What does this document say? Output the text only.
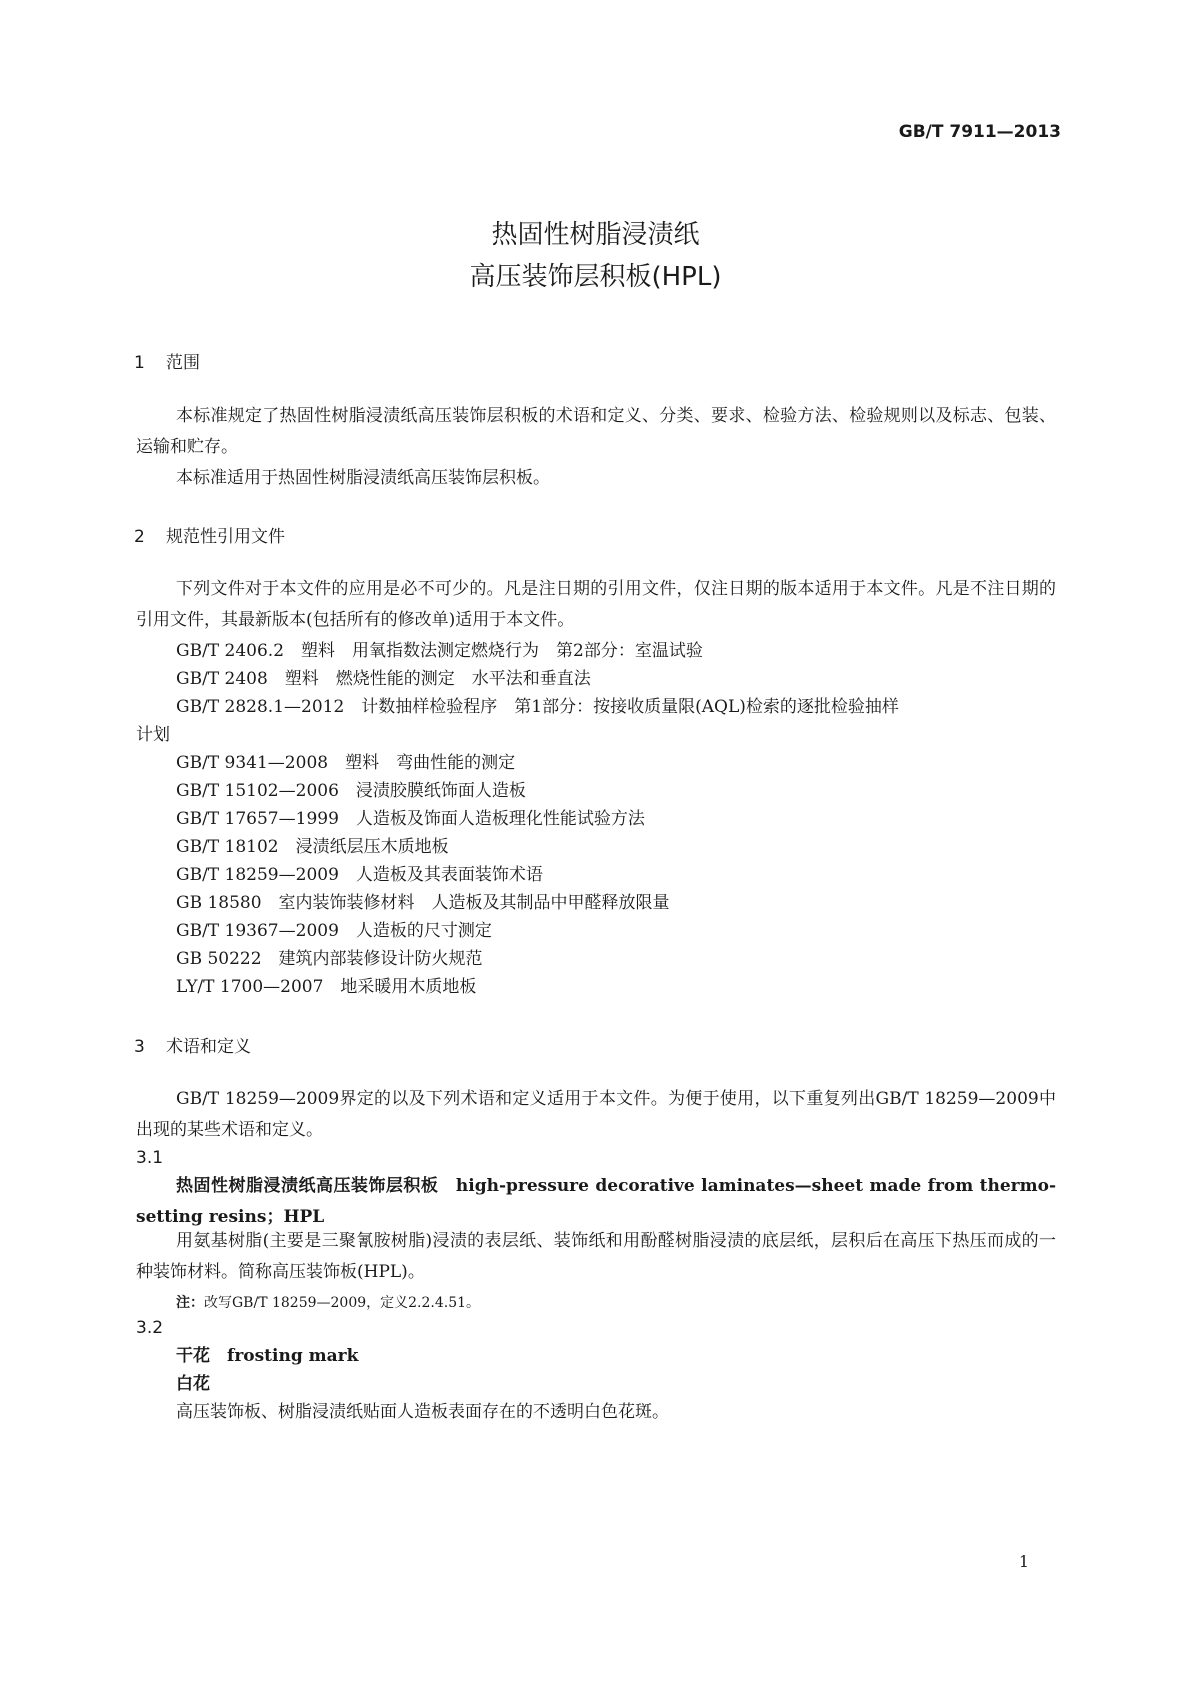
GB/T 7911—2013
热固性树脂浸渍纸
高压装饰层积板(HPL)
1 范围

本标准规定了热固性树脂浸渍纸高压装饰层积板的术语和定义、分类、要求、检验方法、检验规则以及标志、包装、运输和贮存。

本标准适用于热固性树脂浸渍纸高压装饰层积板。

2 规范性引用文件

下列文件对于本文件的应用是必不可少的。凡是注日期的引用文件，仅注日期的版本适用于本文件。凡是不注日期的引用文件，其最新版本(包括所有的修改单)适用于本文件。

GB/T 2406.2　塑料　用氧指数法测定燃烧行为　第2部分：室温试验
GB/T 2408　塑料　燃烧性能的测定　水平法和垂直法
GB/T 2828.1—2012　计数抽样检验程序　第1部分：按接收质量限(AQL)检索的逐批检验抽样
计划
GB/T 9341—2008　塑料　弯曲性能的测定
GB/T 15102—2006　浸渍胶膜纸饰面人造板
GB/T 17657—1999　人造板及饰面人造板理化性能试验方法
GB/T 18102　浸渍纸层压木质地板
GB/T 18259—2009　人造板及其表面装饰术语
GB 18580　室内装饰装修材料　人造板及其制品中甲醛释放限量
GB/T 19367—2009　人造板的尺寸测定
GB 50222　建筑内部装修设计防火规范
LY/T 1700—2007　地采暖用木质地板
3 术语和定义

GB/T 18259—2009界定的以及下列术语和定义适用于本文件。为便于使用，以下重复列出GB/T 18259—2009中出现的某些术语和定义。

3.1
热固性树脂浸渍纸高压装饰层积板　 high-pressure decorative laminates—sheet made from thermo-setting resins；HPL

用氨基树脂(主要是三聚氰胺树脂)浸渍的表层纸、装饰纸和用酚醛树脂浸渍的底层纸，层积后在高压下热压而成的一种装饰材料。简称高压装饰板(HPL)。

注：改写GB/T 18259—2009，定义2.2.4.51。
3.2
干花　 frosting mark
白花

高压装饰板、树脂浸渍纸贴面人造板表面存在的不透明白色花斑。

1
